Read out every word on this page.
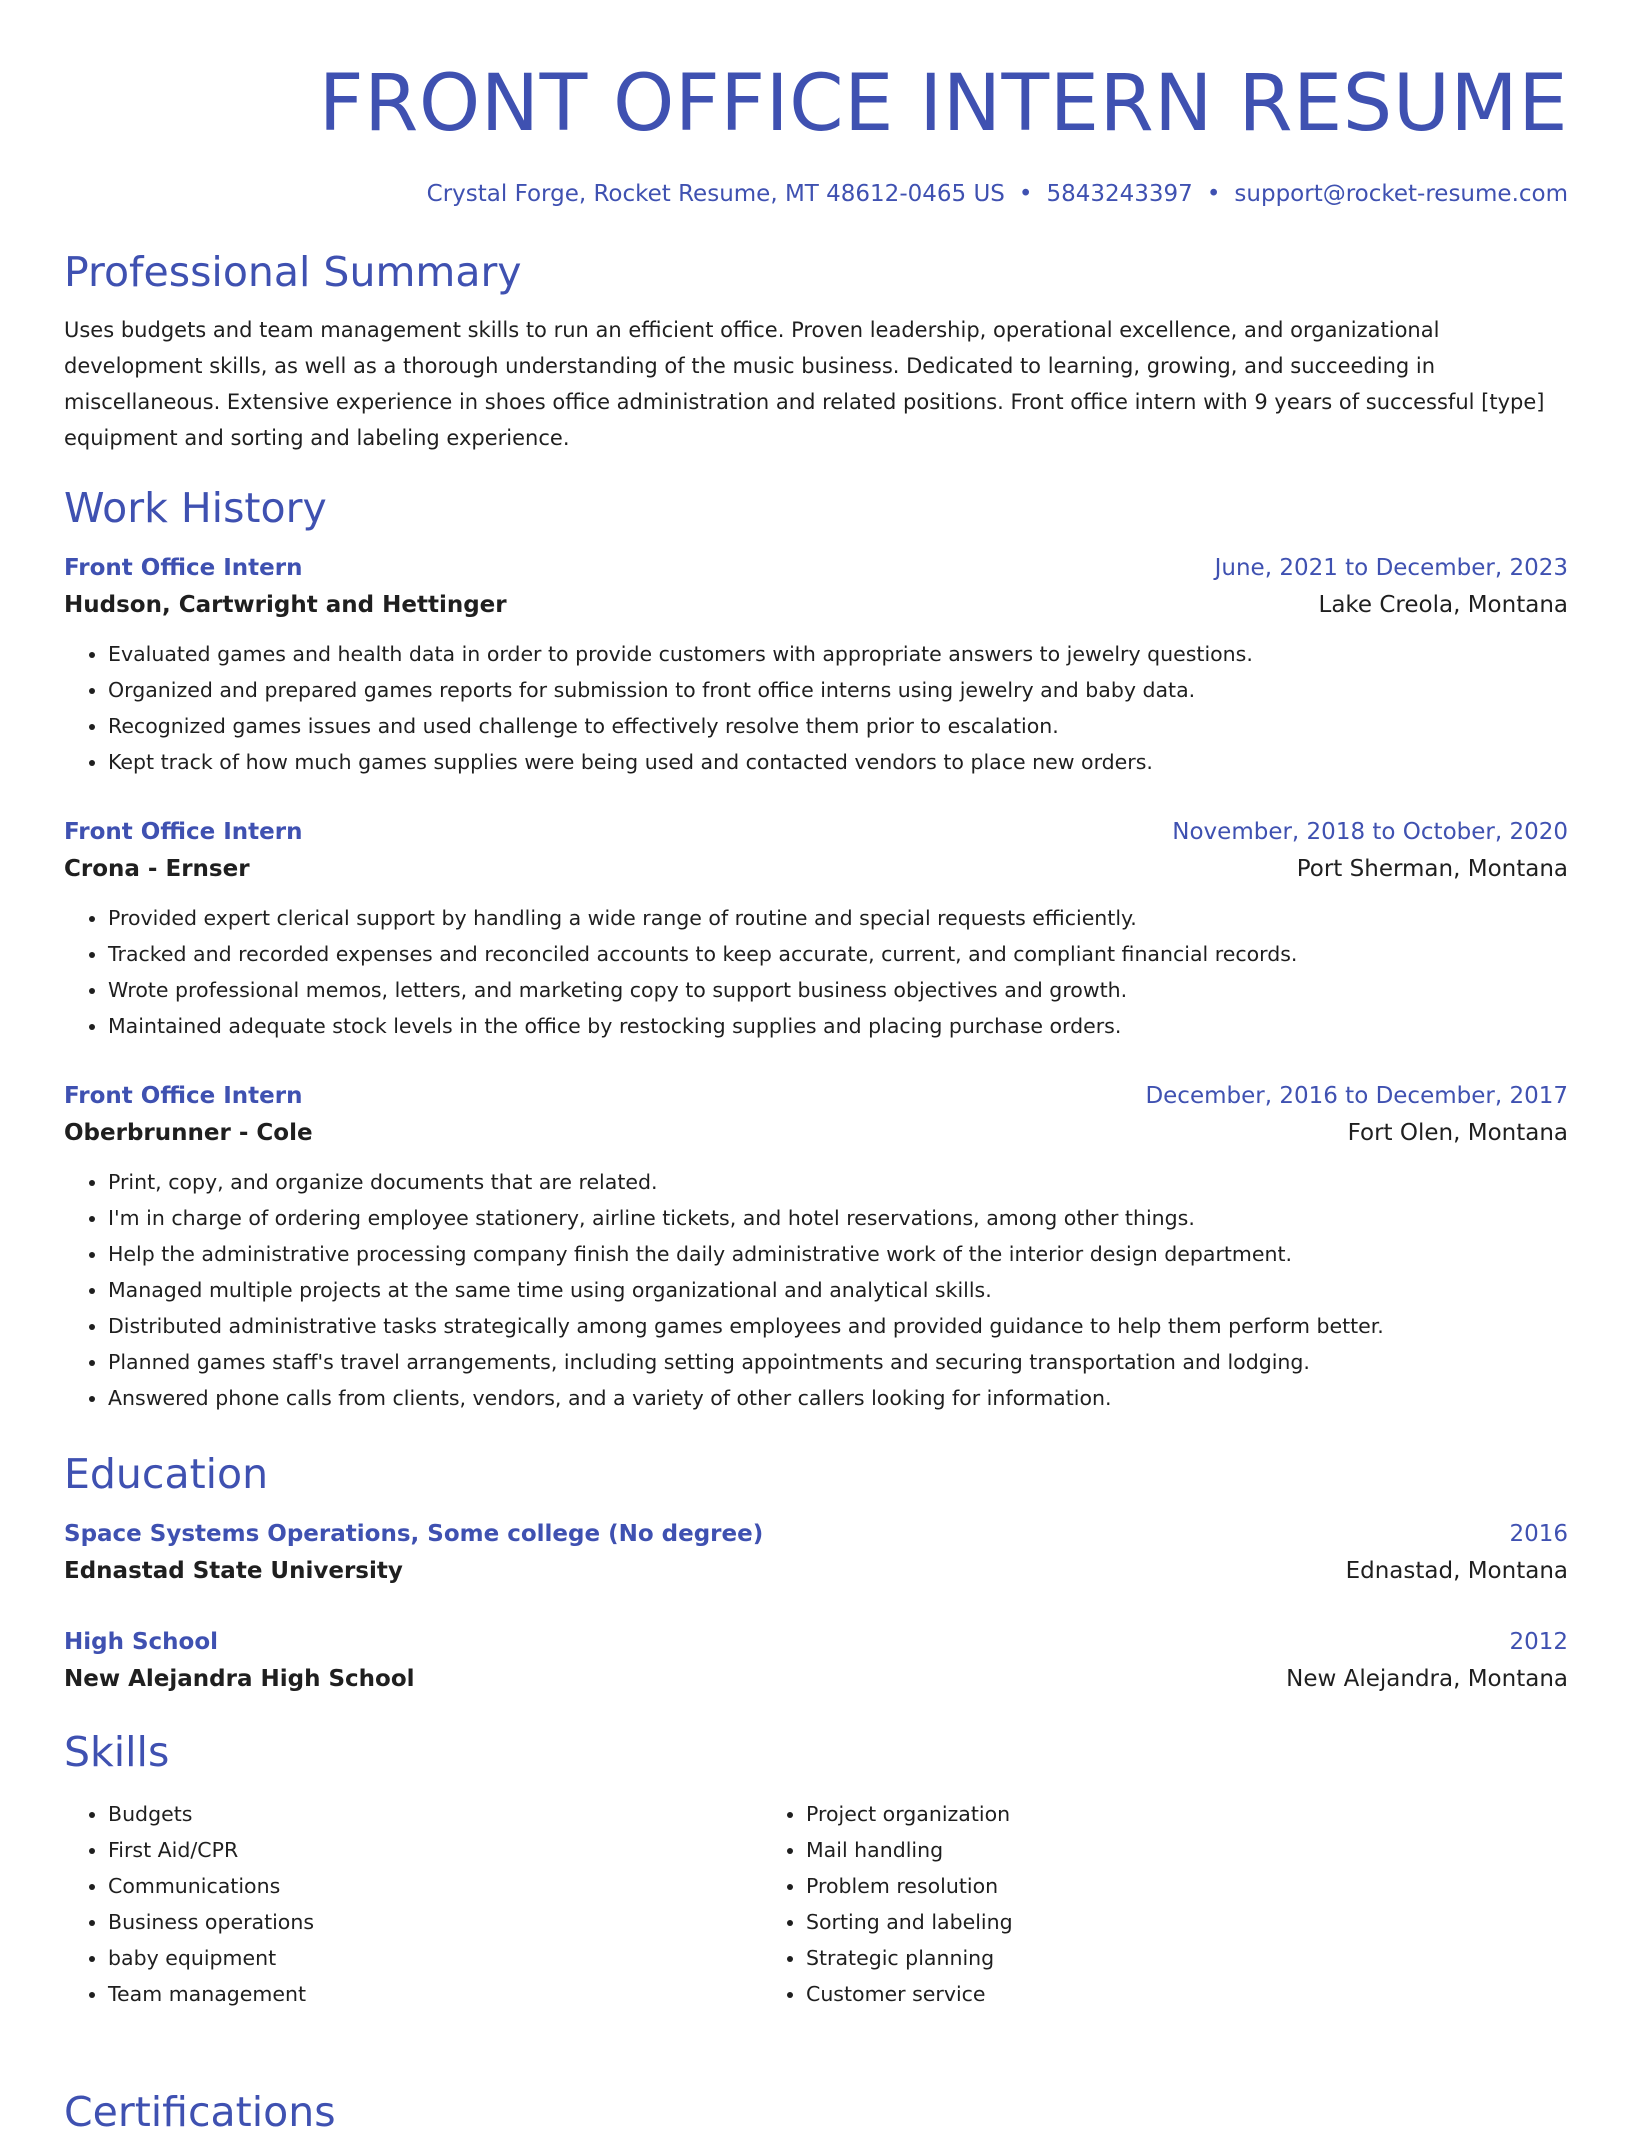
FRONT OFFICE INTERN RESUME
Crystal Forge, Rocket Resume, MT 48612-0465 US • 5843243397 • support@rocket-resume.com
Professional Summary
Uses budgets and team management skills to run an efficient office. Proven leadership, operational excellence, and organizational development skills, as well as a thorough understanding of the music business. Dedicated to learning, growing, and succeeding in miscellaneous. Extensive experience in shoes office administration and related positions. Front office intern with 9 years of successful [type] equipment and sorting and labeling experience.
Work History
Front Office Intern	June, 2021 to December, 2023
Hudson, Cartwright and Hettinger	Lake Creola, Montana
• Evaluated games and health data in order to provide customers with appropriate answers to jewelry questions.
• Organized and prepared games reports for submission to front office interns using jewelry and baby data.
• Recognized games issues and used challenge to effectively resolve them prior to escalation.
• Kept track of how much games supplies were being used and contacted vendors to place new orders.
Front Office Intern	November, 2018 to October, 2020
Crona - Ernser	Port Sherman, Montana
• Provided expert clerical support by handling a wide range of routine and special requests efficiently.
• Tracked and recorded expenses and reconciled accounts to keep accurate, current, and compliant financial records.
• Wrote professional memos, letters, and marketing copy to support business objectives and growth.
• Maintained adequate stock levels in the office by restocking supplies and placing purchase orders.
Front Office Intern	December, 2016 to December, 2017
Oberbrunner - Cole	Fort Olen, Montana
• Print, copy, and organize documents that are related.
• I'm in charge of ordering employee stationery, airline tickets, and hotel reservations, among other things.
• Help the administrative processing company finish the daily administrative work of the interior design department.
• Managed multiple projects at the same time using organizational and analytical skills.
• Distributed administrative tasks strategically among games employees and provided guidance to help them perform better.
• Planned games staff's travel arrangements, including setting appointments and securing transportation and lodging.
• Answered phone calls from clients, vendors, and a variety of other callers looking for information.
Education
Space Systems Operations, Some college (No degree)	2016
Ednastad State University	Ednastad, Montana
High School	2012
New Alejandra High School	New Alejandra, Montana
Skills
• Budgets
• First Aid/CPR
• Communications
• Business operations
• baby equipment
• Team management
• Project organization
• Mail handling
• Problem resolution
• Sorting and labeling
• Strategic planning
• Customer service
Certifications
